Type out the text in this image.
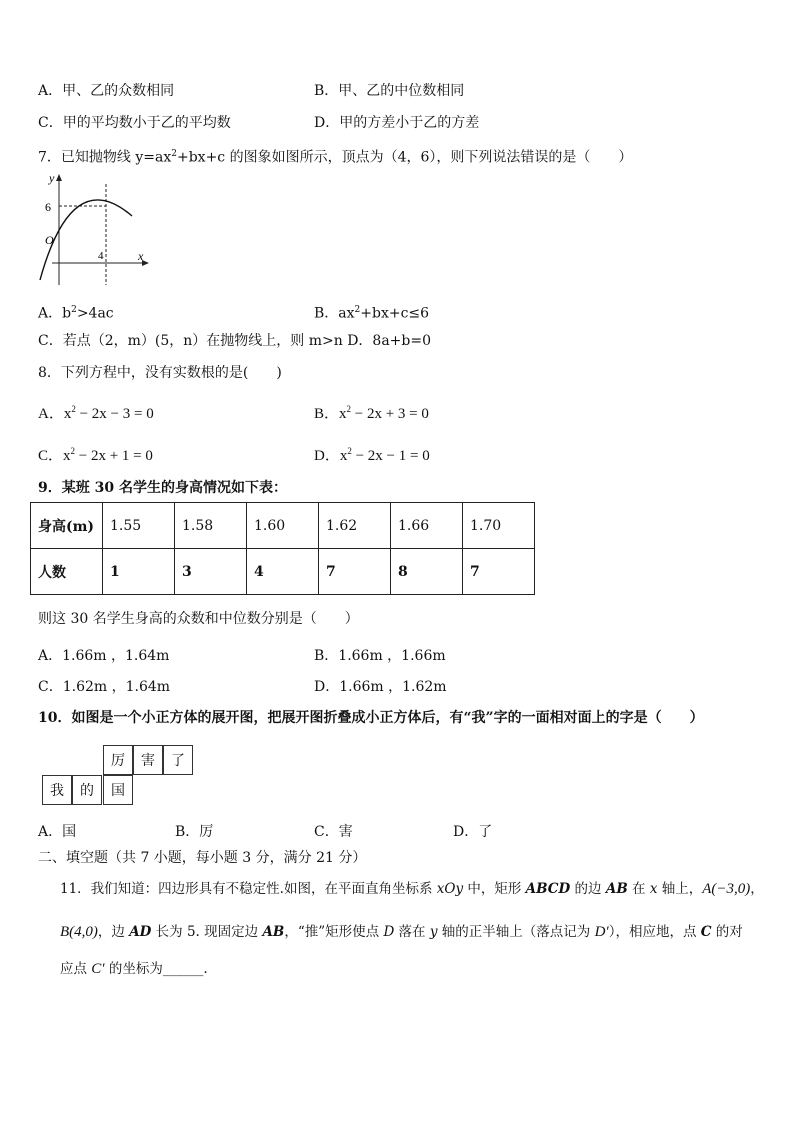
A．甲、乙的众数相同	B．甲、乙的中位数相同
C．甲的平均数小于乙的平均数	D．甲的方差小于乙的方差
7．已知抛物线 $y=ax^2+bx+c$ 的图象如图所示，顶点为（4，6），则下列说法错误的是（　　）
y
x
O
6
4
A．$b^2>4ac$	B．$ax^2+bx+c\le 6$
C．若点（2，m）(5，n）在抛物线上，则 m>n D．8a+b=0
8．下列方程中，没有实数根的是(　　)
A．$x^2 - 2x - 3 = 0$	B．$x^2 - 2x + 3 = 0$
C．$x^2 - 2x + 1 = 0$	D．$x^2 - 2x - 1 = 0$
9．某班 30 名学生的身高情况如下表：
身高(m)	1.55	1.58	1.60	1.62	1.66	1.70
人数	1	3	4	7	8	7
则这 30 名学生身高的众数和中位数分别是（　　）
A．1.66m ，1.64m	B．1.66m ，1.66m
C．1.62m ，1.64m	D．1.66m ，1.62m
10．如图是一个小正方体的展开图，把展开图折叠成小正方体后，有“我”字的一面相对面上的字是（　　）
厉	害	了
我	的	国
A．国	B．厉	C．害	D．了
二、填空题（共 7 小题，每小题 3 分，满分 21 分）
11．我们知道：四边形具有不稳定性.如图，在平面直角坐标系 xOy 中，矩形 ABCD 的边 AB 在 x 轴上，A(−3,0)，
B(4,0)，边 AD 长为 5. 现固定边 AB，“推”矩形使点 D 落在 y 轴的正半轴上（落点记为 D′），相应地，点 C 的对
应点 C′ 的坐标为______.
